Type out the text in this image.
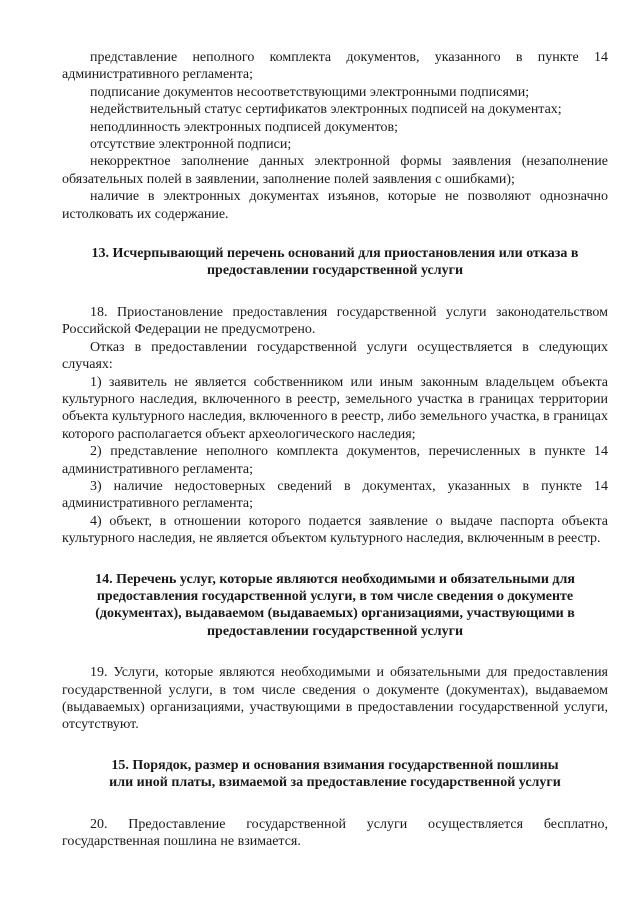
представление неполного комплекта документов, указанного в пункте 14 административного регламента;

подписание документов несоответствующими электронными подписями;

недействительный статус сертификатов электронных подписей на документах;

неподлинность электронных подписей документов;

отсутствие электронной подписи;

некорректное заполнение данных электронной формы заявления (незаполнение обязательных полей в заявлении, заполнение полей заявления с ошибками);

наличие в электронных документах изъянов, которые не позволяют однозначно истолковать их содержание.

13. Исчерпывающий перечень оснований для приостановления или отказа в предоставлении государственной услуги

18. Приостановление предоставления государственной услуги законодательством Российской Федерации не предусмотрено.

Отказ в предоставлении государственной услуги осуществляется в следующих случаях:

1) заявитель не является собственником или иным законным владельцем объекта культурного наследия, включенного в реестр, земельного участка в границах территории объекта культурного наследия, включенного в реестр, либо земельного участка, в границах которого располагается объект археологического наследия;

2) представление неполного комплекта документов, перечисленных в пункте 14 административного регламента;

3) наличие недостоверных сведений в документах, указанных в пункте 14 административного регламента;

4) объект, в отношении которого подается заявление о выдаче паспорта объекта культурного наследия, не является объектом культурного наследия, включенным в реестр.

14. Перечень услуг, которые являются необходимыми и обязательными для предоставления государственной услуги, в том числе сведения о документе (документах), выдаваемом (выдаваемых) организациями, участвующими в предоставлении государственной услуги

19. Услуги, которые являются необходимыми и обязательными для предоставления государственной услуги, в том числе сведения о документе (документах), выдаваемом (выдаваемых) организациями, участвующими в предоставлении государственной услуги, отсутствуют.

15. Порядок, размер и основания взимания государственной пошлины или иной платы, взимаемой за предоставление государственной услуги

20. Предоставление государственной услуги осуществляется бесплатно, государственная пошлина не взимается.
